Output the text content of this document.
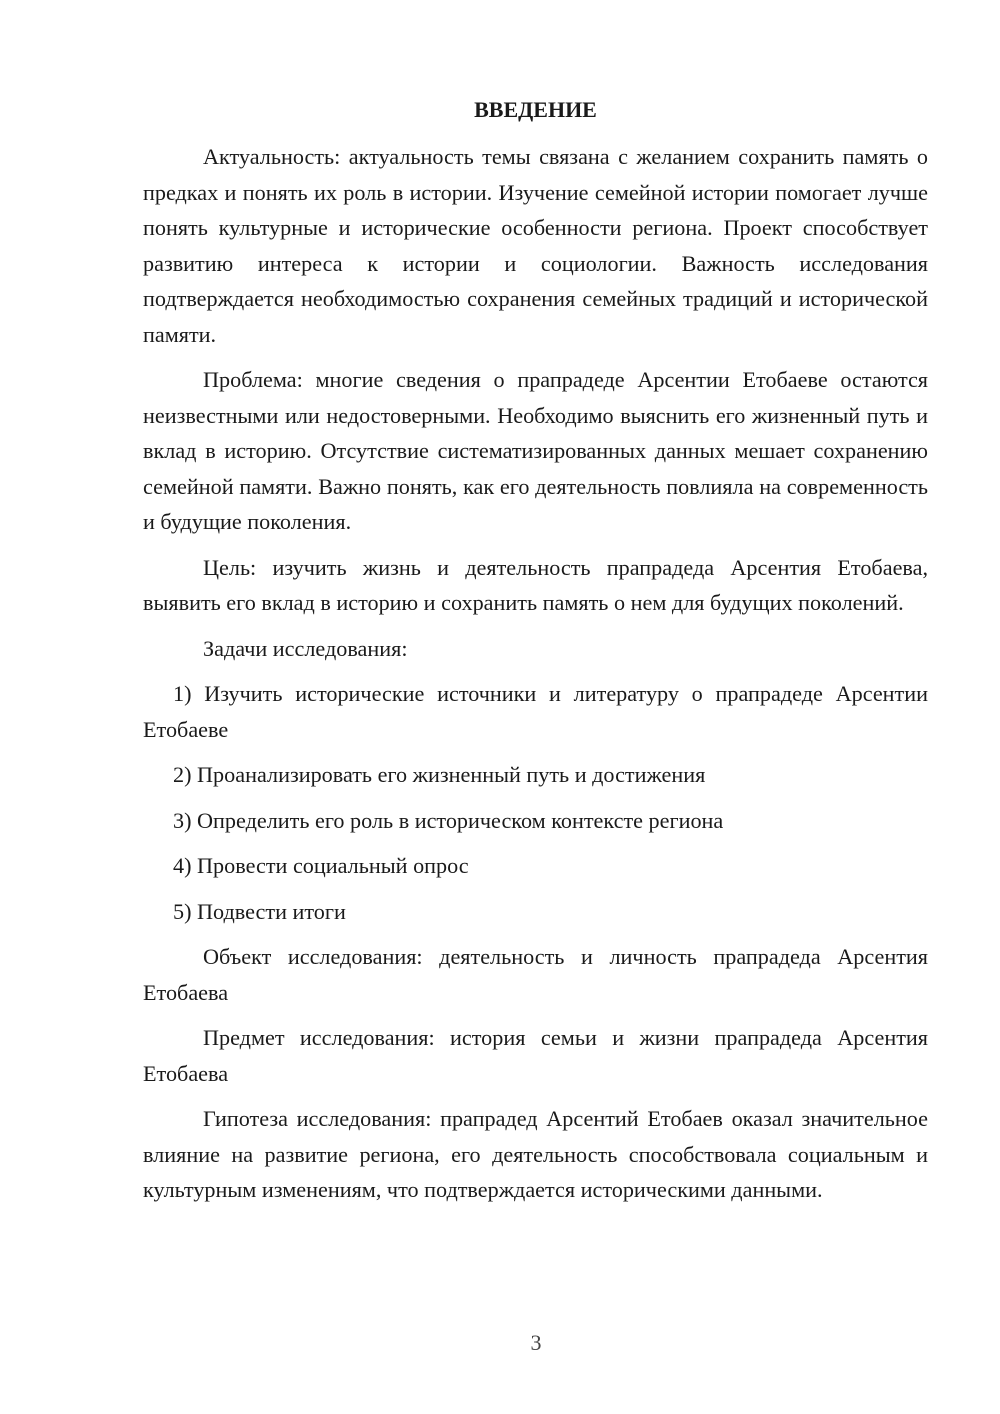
ВВЕДЕНИЕ

Актуальность: актуальность темы связана с желанием сохранить память о предках и понять их роль в истории. Изучение семейной истории помогает лучше понять культурные и исторические особенности региона. Проект способствует развитию интереса к истории и социологии. Важность исследования подтверждается необходимостью сохранения семейных традиций и исторической памяти.

Проблема: многие сведения о прапрадеде Арсентии Етобаеве остаются неизвестными или недостоверными. Необходимо выяснить его жизненный путь и вклад в историю. Отсутствие систематизированных данных мешает сохранению семейной памяти. Важно понять, как его деятельность повлияла на современность и будущие поколения.

Цель: изучить жизнь и деятельность прапрадеда Арсентия Етобаева, выявить его вклад в историю и сохранить память о нем для будущих поколений.

Задачи исследования:

1) Изучить исторические источники и литературу о прапрадеде Арсентии Етобаеве

2) Проанализировать его жизненный путь и достижения

3) Определить его роль в историческом контексте региона

4) Провести социальный опрос

5) Подвести итоги

Объект исследования: деятельность и личность прапрадеда Арсентия Етобаева

Предмет исследования: история семьи и жизни прапрадеда Арсентия Етобаева

Гипотеза исследования: прапрадед Арсентий Етобаев оказал значительное влияние на развитие региона, его деятельность способствовала социальным и культурным изменениям, что подтверждается историческими данными.

3
